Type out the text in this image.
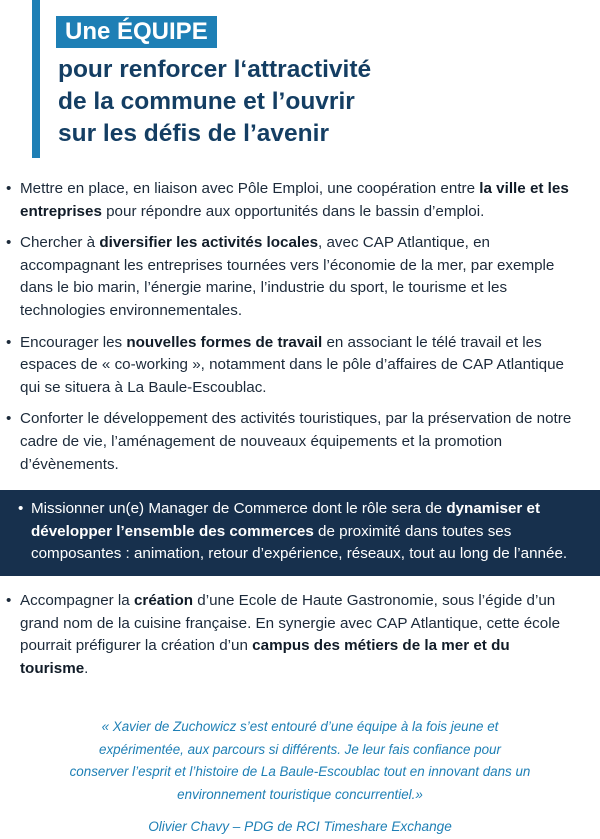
Une ÉQUIPE
pour renforcer l‘attractivité
de la commune et l’ouvrir
sur les défis de l’avenir
• Mettre en place, en liaison avec Pôle Emploi, une coopération entre la ville et les entreprises pour répondre aux opportunités dans le bassin d’emploi.
• Chercher à diversifier les activités locales, avec CAP Atlantique, en accompagnant les entreprises tournées vers l’économie de la mer, par exemple dans le bio marin, l’énergie marine, l’industrie du sport, le tourisme et les technologies environnementales.
• Encourager les nouvelles formes de travail en associant le télé travail et les espaces de « co-working », notamment dans le pôle d’affaires de CAP Atlantique qui se situera à La Baule-Escoublac.
• Conforter le développement des activités touristiques, par la préservation de notre cadre de vie, l’aménagement de nouveaux équipements et la promotion d’évènements.
• Missionner un(e) Manager de Commerce dont le rôle sera de dynamiser et développer l’ensemble des commerces de proximité dans toutes ses composantes : animation, retour d’expérience, réseaux, tout au long de l’année.
• Accompagner la création d’une Ecole de Haute Gastronomie, sous l’égide d’un grand nom de la cuisine française. En synergie avec CAP Atlantique, cette école pourrait préfigurer la création d’un campus des métiers de la mer et du tourisme.
« Xavier de Zuchowicz s’est entouré d’une équipe à la fois jeune et
expérimentée, aux parcours si différents. Je leur fais confiance pour
conserver l’esprit et l’histoire de La Baule-Escoublac tout en innovant dans un
environnement touristique concurrentiel.»
Olivier Chavy – PDG de RCI Timeshare Exchange
